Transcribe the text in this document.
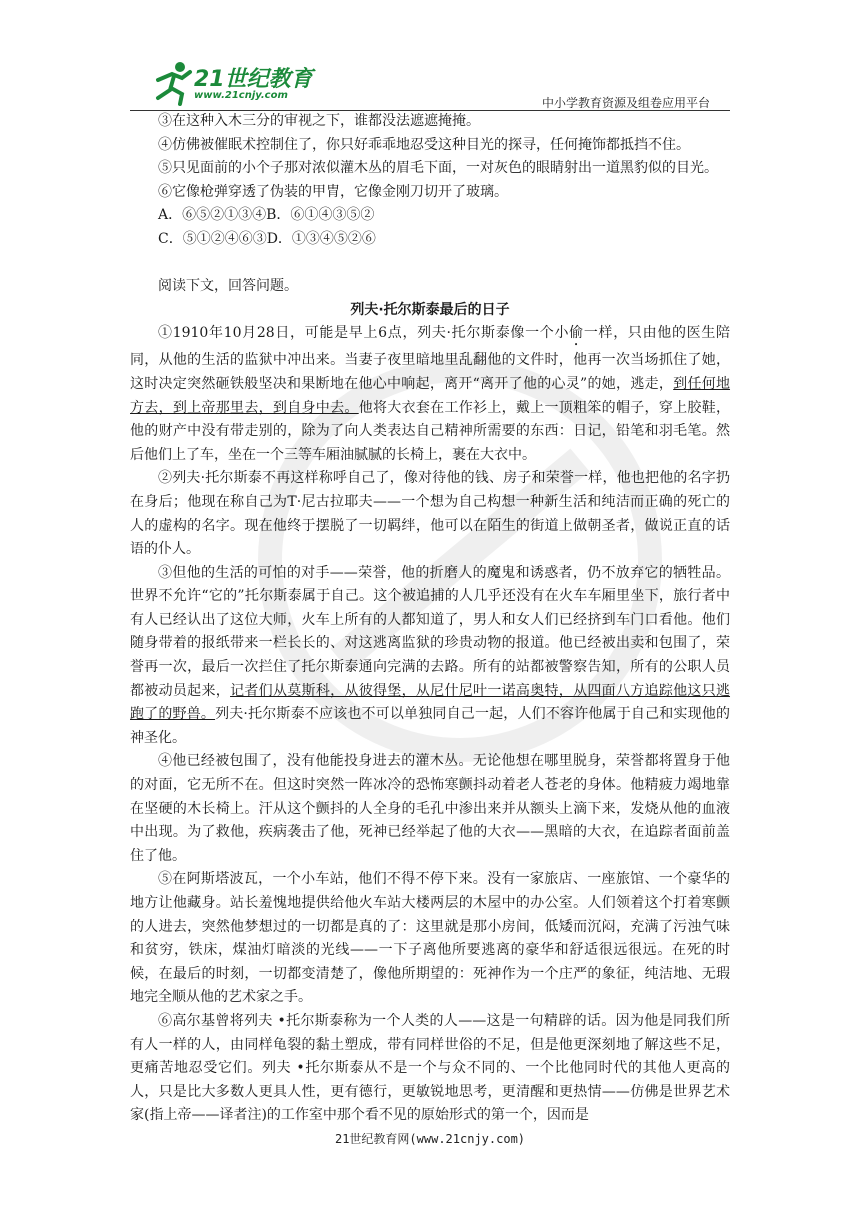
21世纪教育
www.21cnjy.com
中小学教育资源及组卷应用平台

③在这种入木三分的审视之下，谁都没法遮遮掩掩。

④仿佛被催眠术控制住了，你只好乖乖地忍受这种目光的探寻，任何掩饰都抵挡不住。

⑤只见面前的小个子那对浓似灌木丛的眉毛下面，一对灰色的眼睛射出一道黑豹似的目光。

⑥它像枪弹穿透了伪装的甲胄，它像金刚刀切开了玻璃。

A．⑥⑤②①③④B．⑥①④③⑤②

C．⑤①②④⑥③D．①③④⑤②⑥

阅读下文，回答问题。

列夫·托尔斯泰最后的日子

①1910年10月28日，可能是早上6点，列夫·托尔斯泰像一个小偷一样，只由他的医生陪同，从他的生活的监狱中冲出来。当妻子夜里暗地里乱翻他的文件时，他再一次当场抓住了她，这时决定突然砸铁般坚决和果断地在他心中响起，离开“离开了他的心灵”的她，逃走，到任何地方去，到上帝那里去，到自身中去。他将大衣套在工作衫上，戴上一顶粗笨的帽子，穿上胶鞋，他的财产中没有带走别的，除为了向人类表达自己精神所需要的东西：日记，铅笔和羽毛笔。然后他们上了车，坐在一个三等车厢油腻腻的长椅上，裹在大衣中。

②列夫·托尔斯泰不再这样称呼自己了，像对待他的钱、房子和荣誉一样，他也把他的名字扔在身后；他现在称自己为T·尼古拉耶夫——一个想为自己构想一种新生活和纯洁而正确的死亡的人的虚构的名字。现在他终于摆脱了一切羁绊，他可以在陌生的街道上做朝圣者，做说正直的话语的仆人。

③但他的生活的可怕的对手——荣誉，他的折磨人的魔鬼和诱惑者，仍不放弃它的牺牲品。世界不允许“它的”托尔斯泰属于自己。这个被追捕的人几乎还没有在火车车厢里坐下，旅行者中有人已经认出了这位大师，火车上所有的人都知道了，男人和女人们已经挤到车门口看他。他们随身带着的报纸带来一栏长长的、对这逃离监狱的珍贵动物的报道。他已经被出卖和包围了，荣誉再一次，最后一次拦住了托尔斯泰通向完满的去路。所有的站都被警察告知，所有的公职人员都被动员起来，记者们从莫斯科，从彼得堡，从尼什尼叶一诺高奥特，从四面八方追踪他这只逃跑了的野兽。列夫·托尔斯泰不应该也不可以单独同自己一起，人们不容许他属于自己和实现他的神圣化。

④他已经被包围了，没有他能投身进去的灌木丛。无论他想在哪里脱身，荣誉都将置身于他的对面，它无所不在。但这时突然一阵冰冷的恐怖寒颤抖动着老人苍老的身体。他精疲力竭地靠在坚硬的木长椅上。汗从这个颤抖的人全身的毛孔中渗出来并从额头上滴下来，发烧从他的血液中出现。为了救他，疾病袭击了他，死神已经举起了他的大衣——黑暗的大衣，在追踪者面前盖住了他。

⑤在阿斯塔波瓦，一个小车站，他们不得不停下来。没有一家旅店、一座旅馆、一个豪华的地方让他藏身。站长羞愧地提供给他火车站大楼两层的木屋中的办公室。人们领着这个打着寒颤的人进去，突然他梦想过的一切都是真的了：这里就是那小房间，低矮而沉闷，充满了污浊气味和贫穷，铁床，煤油灯暗淡的光线——一下子离他所要逃离的豪华和舒适很远很远。在死的时候，在最后的时刻，一切都变清楚了，像他所期望的：死神作为一个庄严的象征，纯洁地、无瑕地完全顺从他的艺术家之手。

⑥高尔基曾将列夫 •托尔斯泰称为一个人类的人——这是一句精辟的话。因为他是同我们所有人一样的人，由同样龟裂的黏土塑成，带有同样世俗的不足，但是他更深刻地了解这些不足，更痛苦地忍受它们。列夫 •托尔斯泰从不是一个与众不同的、一个比他同时代的其他人更高的人，只是比大多数人更具人性，更有德行，更敏锐地思考，更清醒和更热情——仿佛是世界艺术家(指上帝——译者注)的工作室中那个看不见的原始形式的第一个，因而是

21世纪教育网(www.21cnjy.com)
